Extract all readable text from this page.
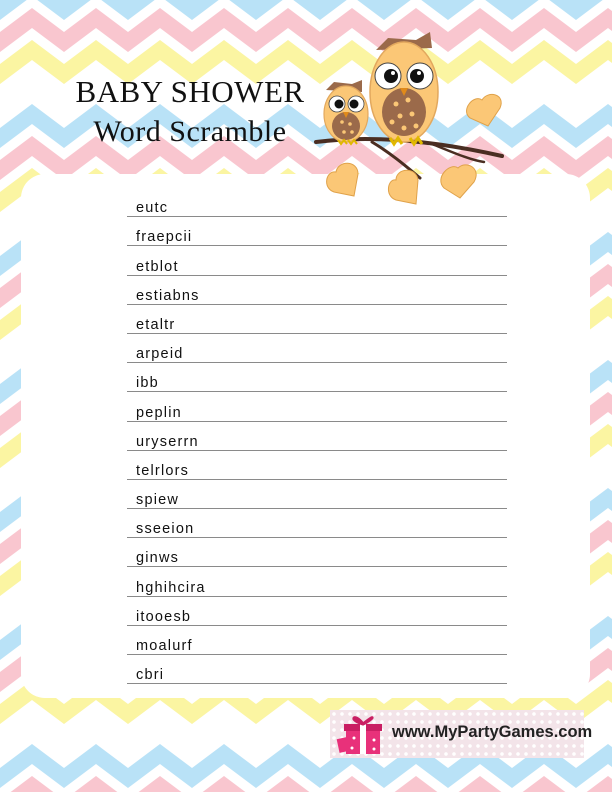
BABY SHOWER
Word Scramble
eutc
fraepcii
etblot
estiabns
etaltr
arpeid
ibb
peplin
uryserrn
telrlors
spiew
sseeion
ginws
hghihcira
itooesb
moalurf
cbri
www.MyPartyGames.com
